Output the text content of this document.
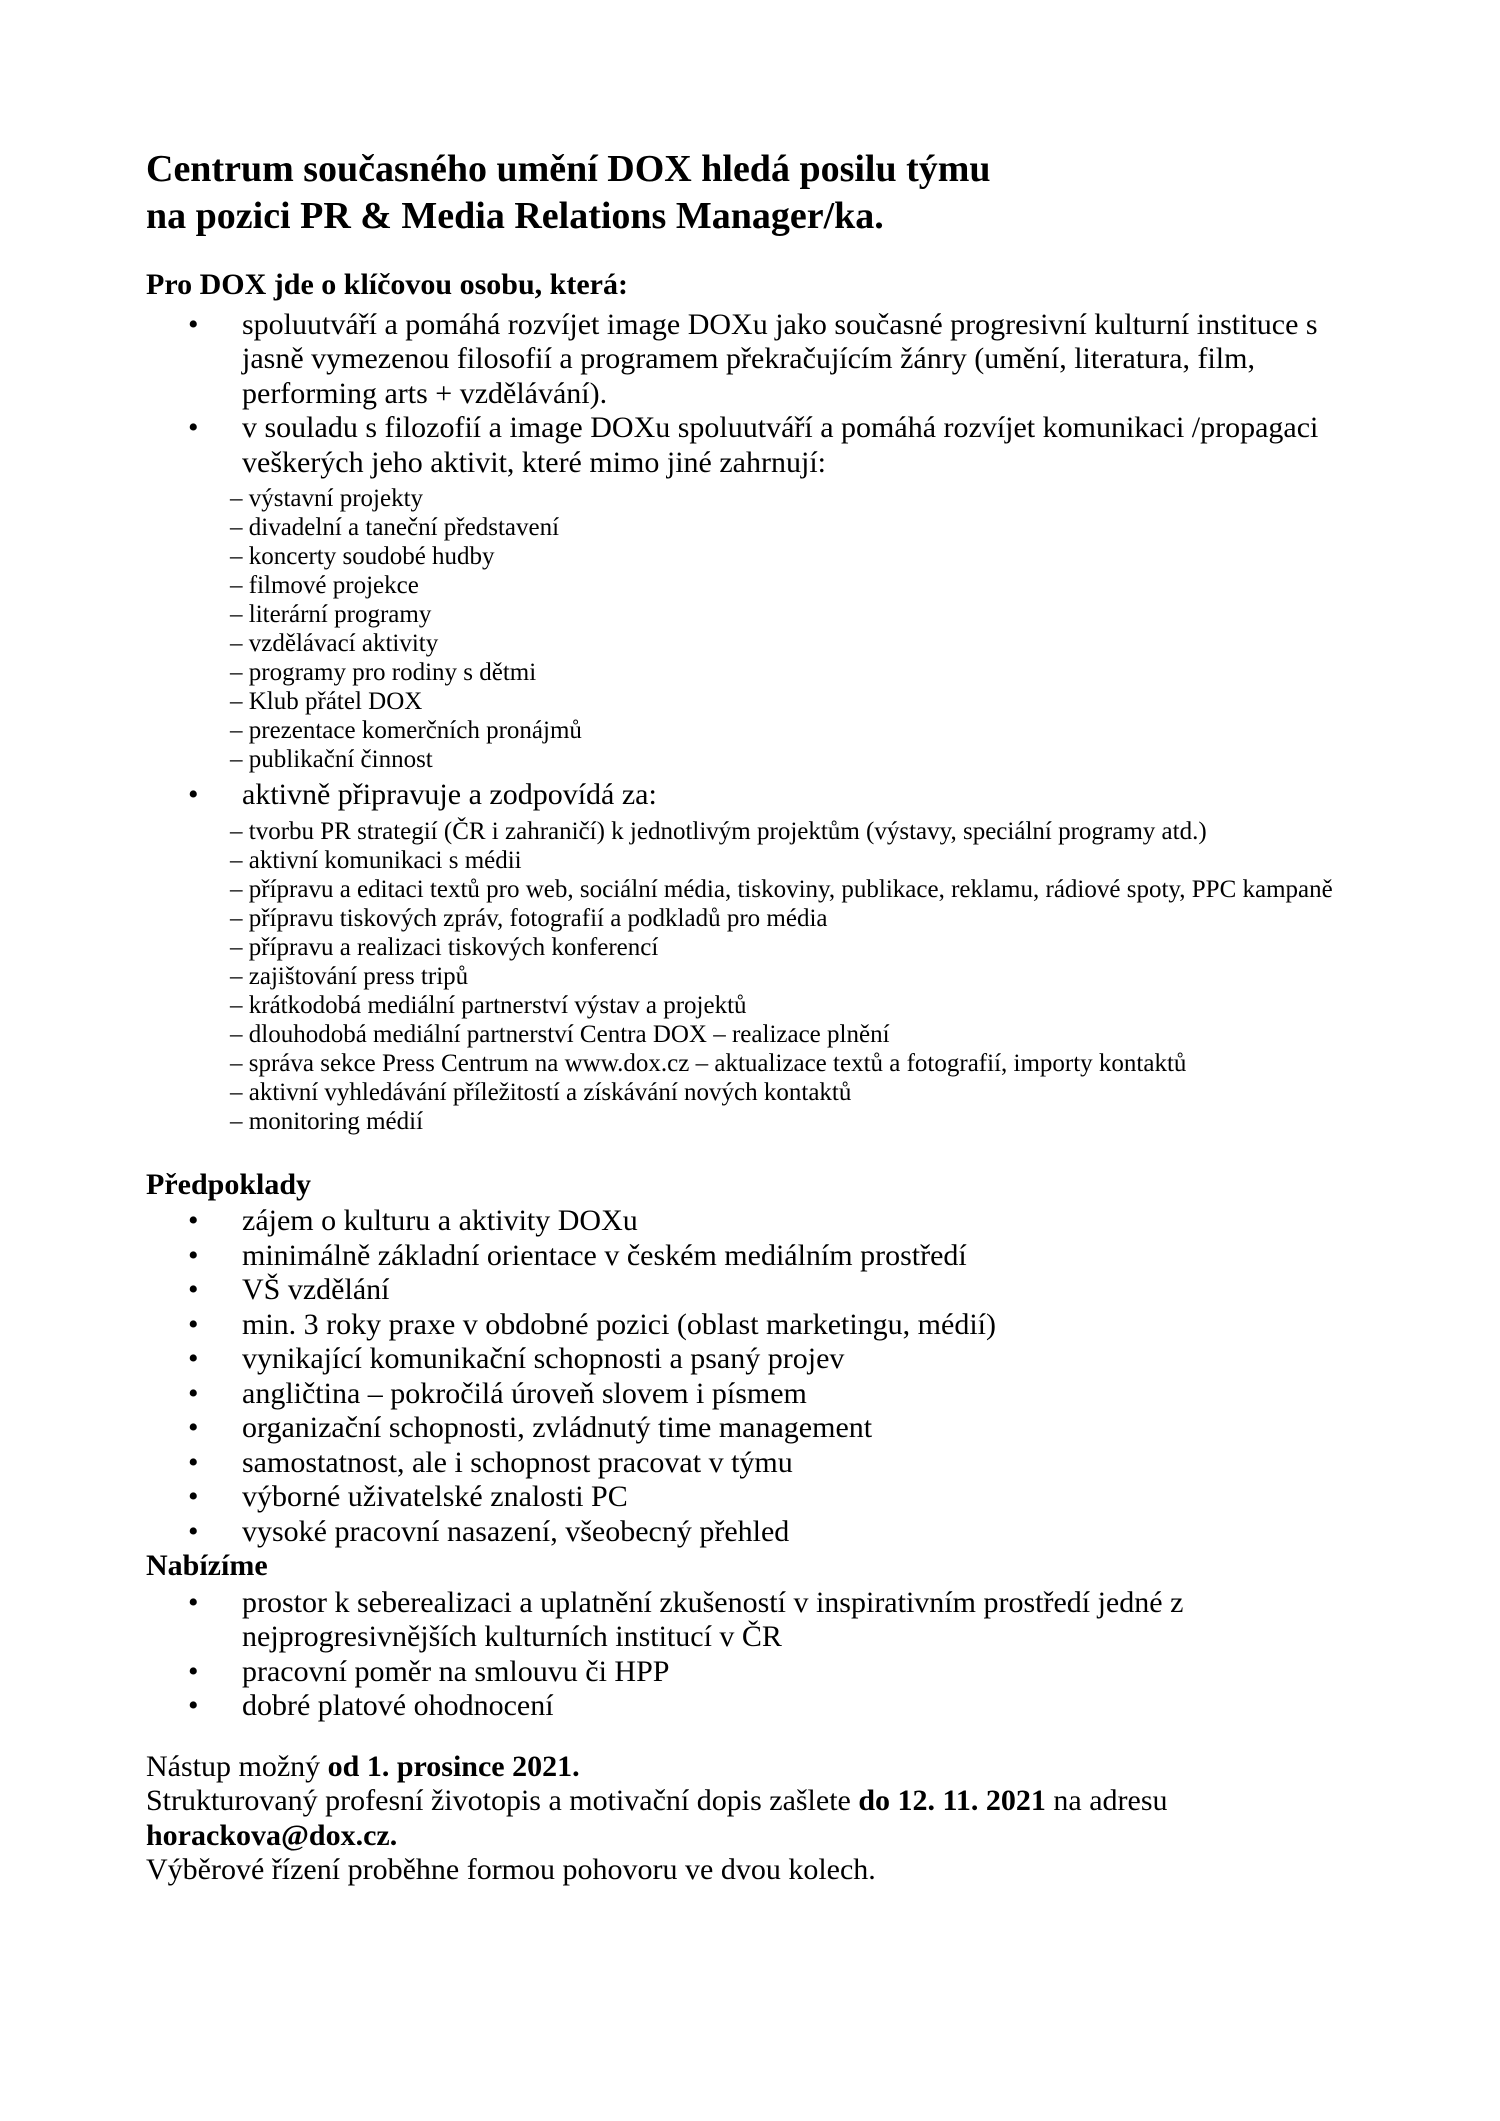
Centrum současného umění DOX hledá posilu týmu
na pozici PR & Media Relations Manager/ka.

Pro DOX jde o klíčovou osobu, která:

• spoluutváří a pomáhá rozvíjet image DOXu jako současné progresivní kulturní instituce s jasně vymezenou filosofií a programem překračujícím žánry (umění, literatura, film, performing arts + vzdělávání).
• v souladu s filozofií a image DOXu spoluutváří a pomáhá rozvíjet komunikaci /propagaci veškerých jeho aktivit, které mimo jiné zahrnují:
– výstavní projekty
– divadelní a taneční představení
– koncerty soudobé hudby
– filmové projekce
– literární programy
– vzdělávací aktivity
– programy pro rodiny s dětmi
– Klub přátel DOX
– prezentace komerčních pronájmů
– publikační činnost
• aktivně připravuje a zodpovídá za:
– tvorbu PR strategií (ČR i zahraničí) k jednotlivým projektům (výstavy, speciální programy atd.)
– aktivní komunikaci s médii
– přípravu a editaci textů pro web, sociální média, tiskoviny, publikace, reklamu, rádiové spoty, PPC kampaně
– přípravu tiskových zpráv, fotografií a podkladů pro média
– přípravu a realizaci tiskových konferencí
– zajištování press tripů
– krátkodobá mediální partnerství výstav a projektů
– dlouhodobá mediální partnerství Centra DOX – realizace plnění
– správa sekce Press Centrum na www.dox.cz – aktualizace textů a fotografií, importy kontaktů
– aktivní vyhledávání příležitostí a získávání nových kontaktů
– monitoring médií

Předpoklady

• zájem o kulturu a aktivity DOXu
• minimálně základní orientace v českém mediálním prostředí
• VŠ vzdělání
• min. 3 roky praxe v obdobné pozici (oblast marketingu, médií)
• vynikající komunikační schopnosti a psaný projev
• angličtina – pokročilá úroveň slovem i písmem
• organizační schopnosti, zvládnutý time management
• samostatnost, ale i schopnost pracovat v týmu
• výborné uživatelské znalosti PC
• vysoké pracovní nasazení, všeobecný přehled

Nabízíme

• prostor k seberealizaci a uplatnění zkušeností v inspirativním prostředí jedné z nejprogresivnějších kulturních institucí v ČR
• pracovní poměr na smlouvu či HPP
• dobré platové ohodnocení
Nástup možný od 1. prosince 2021.
Strukturovaný profesní životopis a motivační dopis zašlete do 12. 11. 2021 na adresu
horackova@dox.cz.
Výběrové řízení proběhne formou pohovoru ve dvou kolech.
